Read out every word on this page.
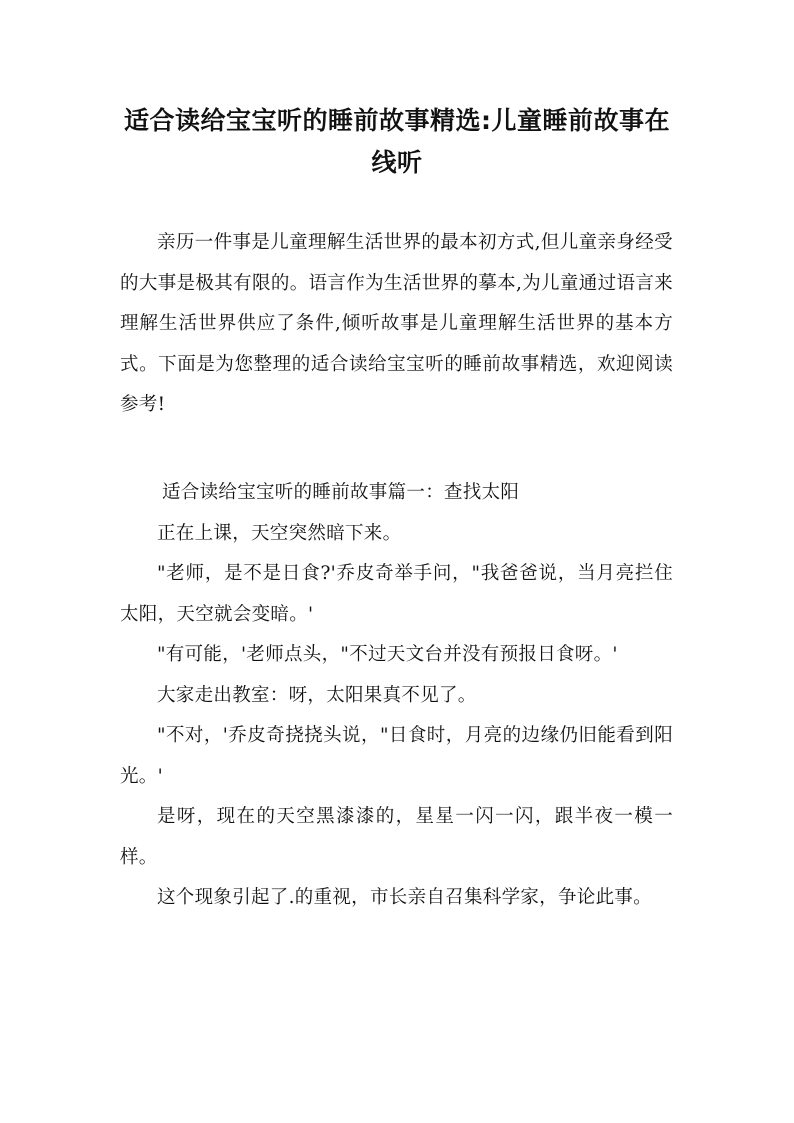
适合读给宝宝听的睡前故事精选:儿童睡前故事在线听

亲历一件事是儿童理解生活世界的最本初方式,但儿童亲身经受的大事是极其有限的。语言作为生活世界的摹本,为儿童通过语言来理解生活世界供应了条件,倾听故事是儿童理解生活世界的基本方式。下面是为您整理的适合读给宝宝听的睡前故事精选，欢迎阅读参考!

适合读给宝宝听的睡前故事篇一：查找太阳

正在上课，天空突然暗下来。

"老师，是不是日食?'乔皮奇举手问，"我爸爸说，当月亮拦住太阳，天空就会变暗。'

"有可能，'老师点头，"不过天文台并没有预报日食呀。'

大家走出教室：呀，太阳果真不见了。

"不对，'乔皮奇挠挠头说，"日食时，月亮的边缘仍旧能看到阳光。'

是呀，现在的天空黑漆漆的，星星一闪一闪，跟半夜一模一样。

这个现象引起了.的重视，市长亲自召集科学家，争论此事。
